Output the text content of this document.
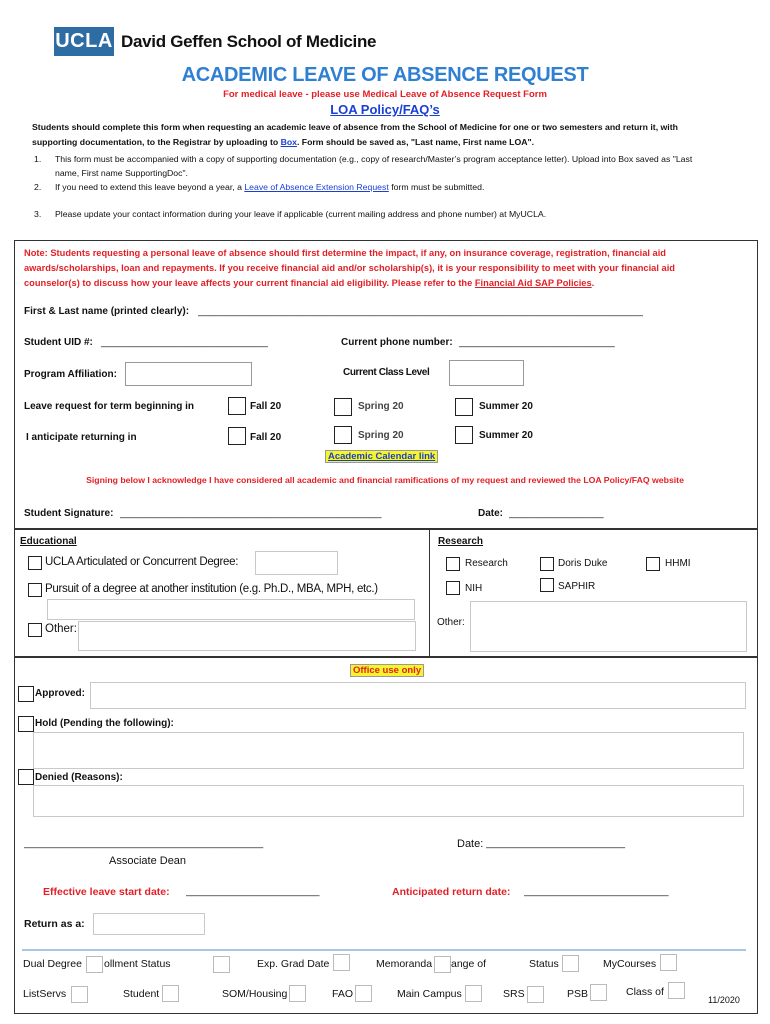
UCLA David Geffen School of Medicine
ACADEMIC LEAVE OF ABSENCE REQUEST
For medical leave - please use Medical Leave of Absence Request Form
LOA Policy/FAQ’s
Students should complete this form when requesting an academic leave of absence from the School of Medicine for one or two semesters and return it, with
supporting documentation, to the Registrar by uploading to Box. Form should be saved as, "Last name, First name LOA".
1. This form must be accompanied with a copy of supporting documentation (e.g., copy of research/Master’s program acceptance letter). Upload into Box saved as "Last
name, First name SupportingDoc".
2. If you need to extend this leave beyond a year, a Leave of Absence Extension Request form must be submitted.
3. Please update your contact information during your leave if applicable (current mailing address and phone number) at MyUCLA.
Note: Students requesting a personal leave of absence should first determine the impact, if any, on insurance coverage, registration, financial aid
awards/scholarships, loan and repayments. If you receive financial aid and/or scholarship(s), it is your responsibility to meet with your financial aid
counselor(s) to discuss how your leave affects your current financial aid eligibility. Please refer to the Financial Aid SAP Policies.
First & Last name (printed clearly): ________________________________________________________________________________
Student UID #: ______________________________	Current phone number: ____________________________
Program Affiliation:	Current Class Level
Leave request for term beginning in	Fall 20	Spring 20	Summer 20
I anticipate returning in	Fall 20	Spring 20	Summer 20
Academic Calendar link
Signing below I acknowledge I have considered all academic and financial ramifications of my request and reviewed the LOA Policy/FAQ website
Student Signature: _______________________________________________	Date: _________________
Educational
UCLA Articulated or Concurrent Degree:
Pursuit of a degree at another institution (e.g. Ph.D., MBA, MPH, etc.)
Other:
Research
Research	Doris Duke	HHMI
NIH	SAPHIR
Other:
Office use only
Approved:
Hold (Pending the following):
Denied (Reasons):
___________________________________________
Associate Dean
Date: _________________________
Effective leave start date: ________________________	Anticipated return date: __________________________
Return as a:
Dual Degree ollment Status	Exp. Grad Date	Memoranda ange of	Status	MyCourses
ListServs	Student	SOM/Housing	FAO	Main Campus	SRS	PSB	Class of
11/2020
